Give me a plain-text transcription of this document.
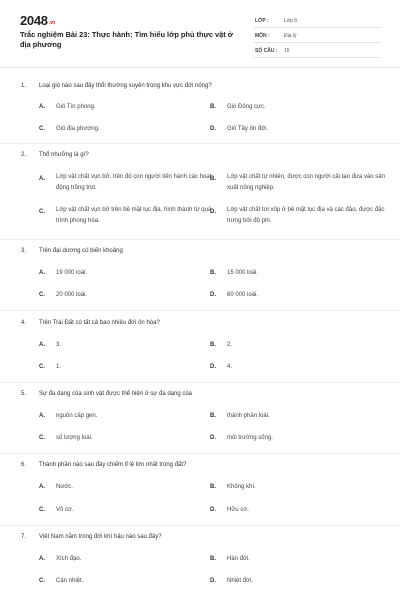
2048.vn
Trắc nghiệm Bài 23: Thực hành: Tìm hiểu lớp phủ thực vật ở địa phương
LỚP :	Lớp 6
MÔN :	Địa lý
SỐ CÂU : 15
1. Loại gió nào sau đây thổi thường xuyên trong khu vực đới nóng?
A. Gió Tín phong.	B. Gió Đông cực.
C. Gió địa phương.	D. Gió Tây ôn đới.
2. Thổ nhưỡng là gì?
A. Lớp vật chất vụn bở, trên đó con người tiến hành các hoạt động trồng trọt.
B. Lớp vật chất tự nhiên, được con người cải tạo đưa vào sản xuất nông nghiệp.
C. Lớp vật chất vụn bở trên bề mặt lục địa, hình thành từ quá trình phong hóa.
D. Lớp vật chất tơi xốp ở bề mặt lục địa và các đảo, được đặc trưng bởi độ phì.
3. Trên đại dương có biến khoảng
A. 19 000 loài.	B. 15 000 loài.
C. 20 000 loài.	D. 60 000 loài.
4. Trên Trái Đất có tất cả bao nhiêu đới ôn hòa?
A. 3.	B. 2.
C. 1.	D. 4.
5. Sự đa dạng của sinh vật được thể hiện ở sự đa dạng của
A. nguồn cấp gen.	B. thành phần loài.
C. số lượng loài.	D. môi trường sống.
6. Thành phần nào sau đây chiếm tỉ lệ lớn nhất trong đất?
A. Nước.	B. Không khí.
C. Vô cơ.	D. Hữu cơ.
7. Việt Nam nằm trong đới khí hậu nào sau đây?
A. Xích đạo.	B. Hàn đới.
C. Cận nhiệt.	D. Nhiệt đới.
